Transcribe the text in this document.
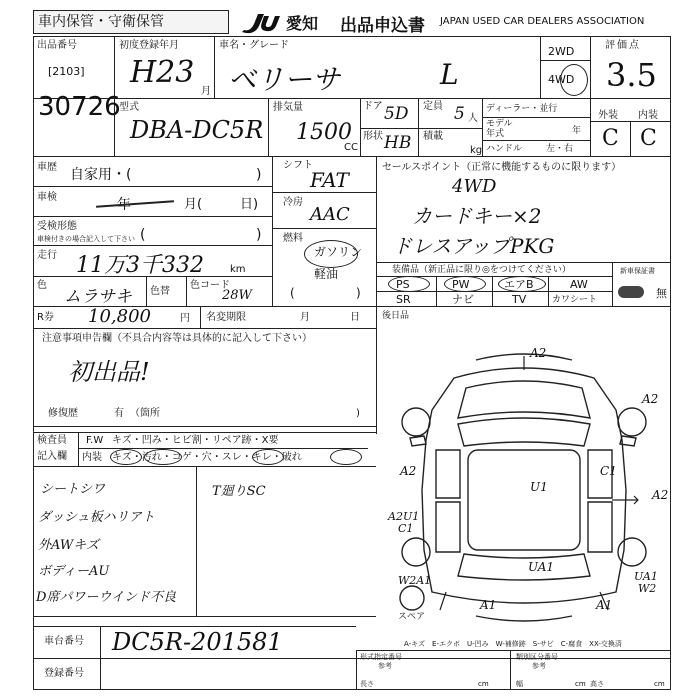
車内保管・守衛保管	愛知 出品申込書 JAPAN USED CAR DEALERS ASSOCIATION
出品番号
[2103]
30726
初度登録年月
H23
月
車名・グレード
ベリーサ	L
2WD
4WD
評価点
3.5
型式
DBA-DC5R
排気量
1500
CC
ドア 5D
形状 HB
定員 5 人
積載
kg
ディーラー・並行
モデル
年式	年
ハンドル	左・右
外装 内装
C C
車歴 自家用・(	)
車検	月(	日)
受検形態
車検付きの場合記入して下さい (	)
走行 11万3千332	km
色
ムラサキ 色替
色コード
28W
シフト
FAT
冷房
AAC
燃料
ガソリン
軽油
(	)
セールスポイント（正常に機能するものに限ります）
4WD
カードキー×2
ドレスアップPKG
装備品（新正品に限り◎をつけてください）
PS	PW	エアB	AW
SR	ナビ	TV	カワシート
新車保証書
無
R券 10,800	円 名変期限	月	日 後日品
注意事項申告欄（不具合内容等は具体的に記入して下さい）
初出品!
修復歴	有 （箇所	)
検査員
記入欄
F.W キズ・凹み・ヒビ割・リペア跡・X要
内装 キズ・汚れ・コゲ・穴・スレ・キレ・破れ
シートシワ
ダッシュ板ハリアト
外AWキズ
ボディーAU
D席パワーウインド不良
T廻りSC
A2
A2
A2	C1
A2
U1
A2U1
C1
UA1
W2A1	UA1
W2
A1	A1
スペア
A-キズ　E-エクボ　U-凹み　W-補修跡　S-サビ　C-腐食　XX-交換済
車台番号 DC5R-201581
登録番号
形式指定番号
参考
類別区分番号
参考
長さ	cm	幅	cm 高さ	cm
